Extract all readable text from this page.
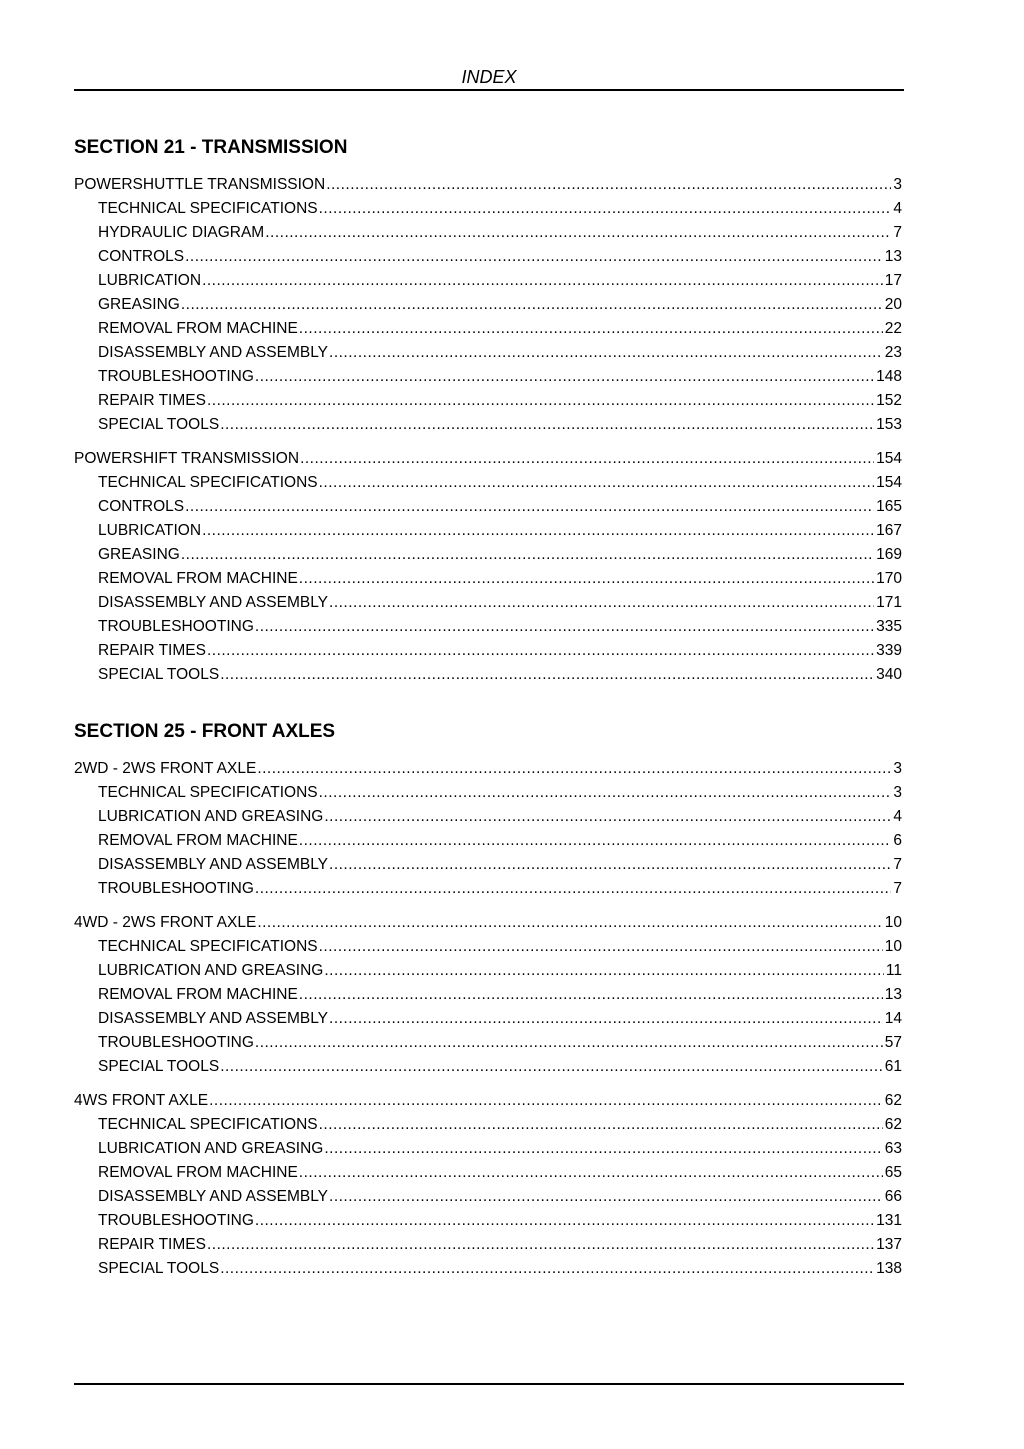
INDEX
SECTION 21 - TRANSMISSION
POWERSHUTTLE TRANSMISSION .....	3
TECHNICAL SPECIFICATIONS .....	4
HYDRAULIC DIAGRAM .....	7
CONTROLS .....	13
LUBRICATION .....	17
GREASING .....	20
REMOVAL FROM MACHINE .....	22
DISASSEMBLY AND ASSEMBLY .....	23
TROUBLESHOOTING .....	148
REPAIR TIMES .....	152
SPECIAL TOOLS .....	153
POWERSHIFT TRANSMISSION .....	154
TECHNICAL SPECIFICATIONS .....	154
CONTROLS .....	165
LUBRICATION .....	167
GREASING .....	169
REMOVAL FROM MACHINE .....	170
DISASSEMBLY AND ASSEMBLY .....	171
TROUBLESHOOTING .....	335
REPAIR TIMES .....	339
SPECIAL TOOLS .....	340
SECTION 25 - FRONT AXLES
2WD - 2WS FRONT AXLE .....	3
TECHNICAL SPECIFICATIONS .....	3
LUBRICATION AND GREASING .....	4
REMOVAL FROM MACHINE .....	6
DISASSEMBLY AND ASSEMBLY .....	7
TROUBLESHOOTING .....	7
4WD - 2WS FRONT AXLE .....	10
TECHNICAL SPECIFICATIONS .....	10
LUBRICATION AND GREASING .....	11
REMOVAL FROM MACHINE .....	13
DISASSEMBLY AND ASSEMBLY .....	14
TROUBLESHOOTING .....	57
SPECIAL TOOLS .....	61
4WS FRONT AXLE .....	62
TECHNICAL SPECIFICATIONS .....	62
LUBRICATION AND GREASING .....	63
REMOVAL FROM MACHINE .....	65
DISASSEMBLY AND ASSEMBLY .....	66
TROUBLESHOOTING .....	131
REPAIR TIMES .....	137
SPECIAL TOOLS .....	138
